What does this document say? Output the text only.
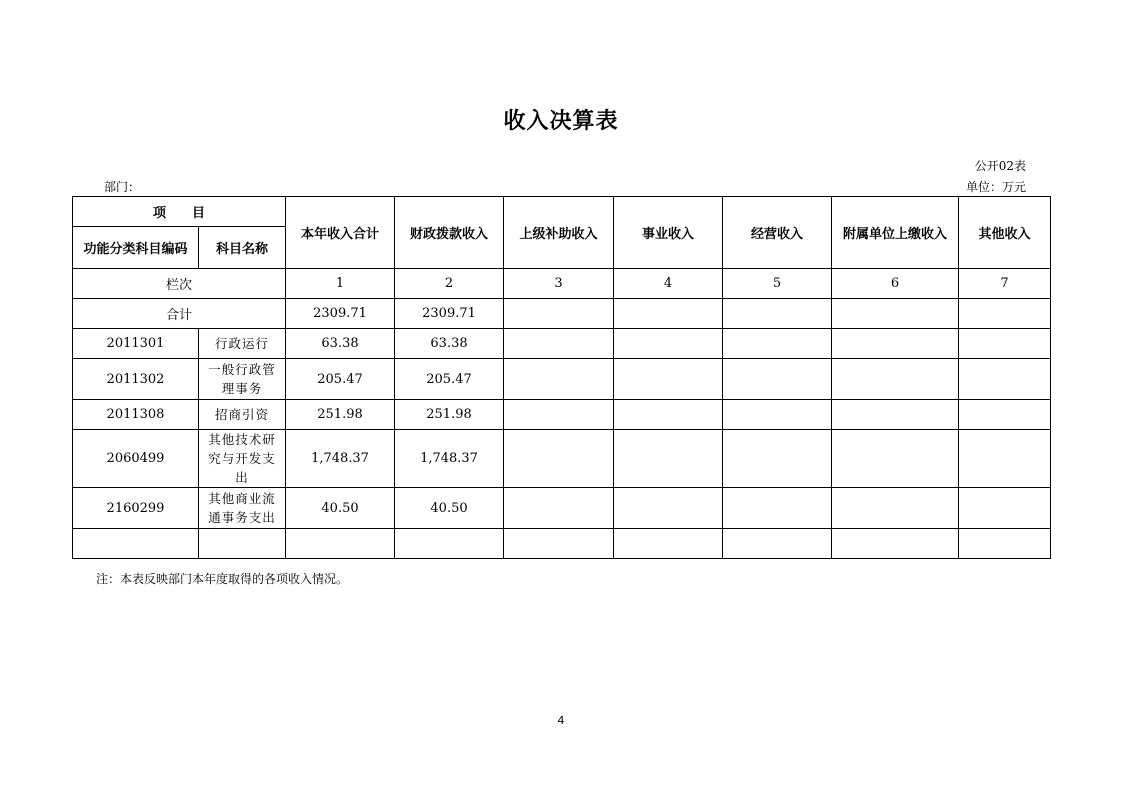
收入决算表
公开02表
部门：	单位：万元
项　　目		本年收入合计	财政拨款收入	上级补助收入	事业收入	经营收入	附属单位上缴收入	其他收入
功能分类科目编码	科目名称							
栏次		1	2	3	4	5	6	7
合计		2309.71	2309.71					
2011301	行政运行	63.38	63.38					
2011302	一般行政管理事务	205.47	205.47					
2011308	招商引资	251.98	251.98					
2060499	其他技术研究与开发支出	1,748.37	1,748.37					
2160299	其他商业流通事务支出	40.50	40.50					

注：本表反映部门本年度取得的各项收入情况。
4
